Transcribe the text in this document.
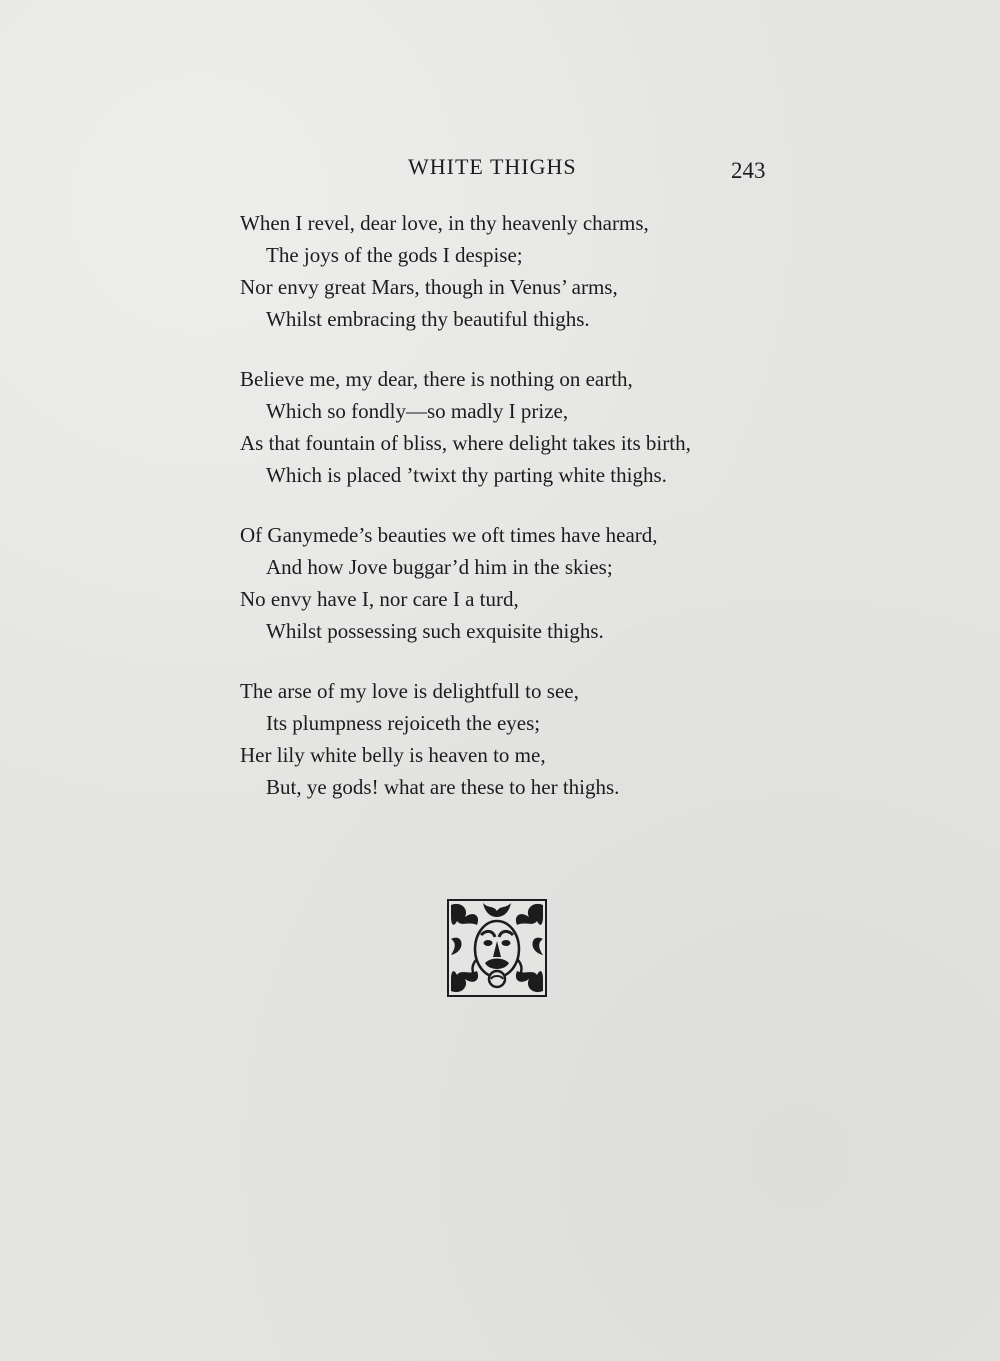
WHITE THIGHS	243
When I revel, dear love, in thy heavenly charms,
The joys of the gods I despise;
Nor envy great Mars, though in Venus’ arms,
Whilst embracing thy beautiful thighs.
Believe me, my dear, there is nothing on earth,
Which so fondly—so madly I prize,
As that fountain of bliss, where delight takes its birth,
Which is placed ’twixt thy parting white thighs.
Of Ganymede’s beauties we oft times have heard,
And how Jove buggar’d him in the skies;
No envy have I, nor care I a turd,
Whilst possessing such exquisite thighs.
The arse of my love is delightfull to see,
Its plumpness rejoiceth the eyes;
Her lily white belly is heaven to me,
But, ye gods! what are these to her thighs.
